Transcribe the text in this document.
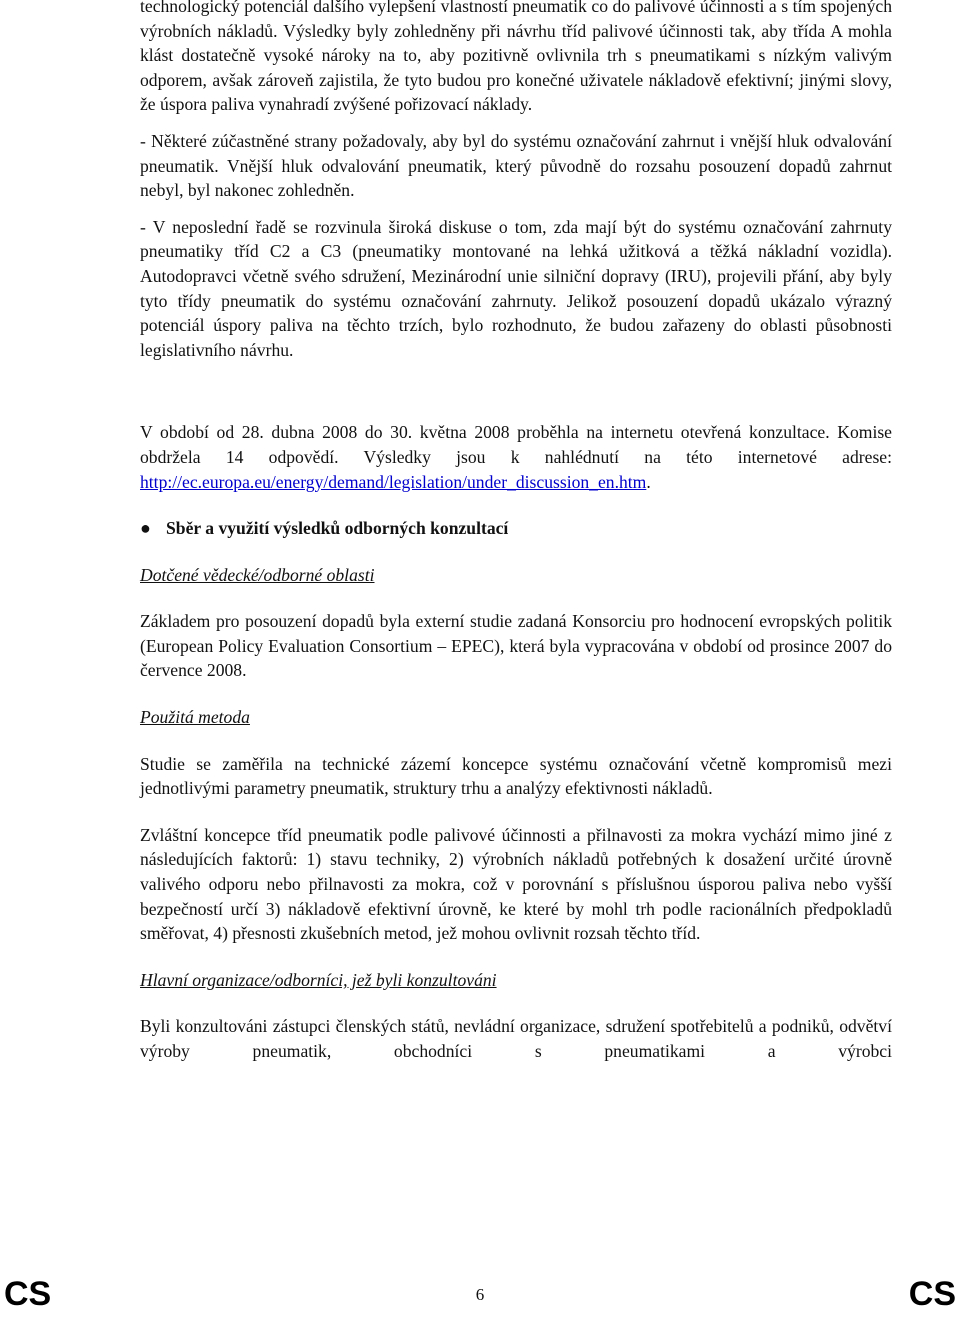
technologický potenciál dalšího vylepšení vlastností pneumatik co do palivové účinnosti a s tím spojených výrobních nákladů. Výsledky byly zohledněny při návrhu tříd palivové účinnosti tak, aby třída A mohla klást dostatečně vysoké nároky na to, aby pozitivně ovlivnila trh s pneumatikami s nízkým valivým odporem, avšak zároveň zajistila, že tyto budou pro konečné uživatele nákladově efektivní; jinými slovy, že úspora paliva vynahradí zvýšené pořizovací náklady.

- Některé zúčastněné strany požadovaly, aby byl do systému označování zahrnut i vnější hluk odvalování pneumatik. Vnější hluk odvalování pneumatik, který původně do rozsahu posouzení dopadů zahrnut nebyl, byl nakonec zohledněn.

- V neposlední řadě se rozvinula široká diskuse o tom, zda mají být do systému označování zahrnuty pneumatiky tříd C2 a C3 (pneumatiky montované na lehká užitková a těžká nákladní vozidla). Autodopravci včetně svého sdružení, Mezinárodní unie silniční dopravy (IRU), projevili přání, aby byly tyto třídy pneumatik do systému označování zahrnuty. Jelikož posouzení dopadů ukázalo výrazný potenciál úspory paliva na těchto trzích, bylo rozhodnuto, že budou zařazeny do oblasti působnosti legislativního návrhu.

V období od 28. dubna 2008 do 30. května 2008 proběhla na internetu otevřená konzultace. Komise obdržela 14 odpovědí. Výsledky jsou k nahlédnutí na této internetové adrese: http://ec.europa.eu/energy/demand/legislation/under_discussion_en.htm.

● Sběr a využití výsledků odborných konzultací

Dotčené vědecké/odborné oblasti

Základem pro posouzení dopadů byla externí studie zadaná Konsorciu pro hodnocení evropských politik (European Policy Evaluation Consortium – EPEC), která byla vypracována v období od prosince 2007 do července 2008.

Použitá metoda

Studie se zaměřila na technické zázemí koncepce systému označování včetně kompromisů mezi jednotlivými parametry pneumatik, struktury trhu a analýzy efektivnosti nákladů.

Zvláštní koncepce tříd pneumatik podle palivové účinnosti a přilnavosti za mokra vychází mimo jiné z následujících faktorů: 1) stavu techniky, 2) výrobních nákladů potřebných k dosažení určité úrovně valivého odporu nebo přilnavosti za mokra, což v porovnání s příslušnou úsporou paliva nebo vyšší bezpečností určí 3) nákladově efektivní úrovně, ke které by mohl trh podle racionálních předpokladů směřovat, 4) přesnosti zkušebních metod, jež mohou ovlivnit rozsah těchto tříd.

Hlavní organizace/odborníci, jež byli konzultováni

Byli konzultováni zástupci členských států, nevládní organizace, sdružení spotřebitelů a podniků, odvětví výroby pneumatik, obchodníci s pneumatikami a výrobci

CS	6	CS
